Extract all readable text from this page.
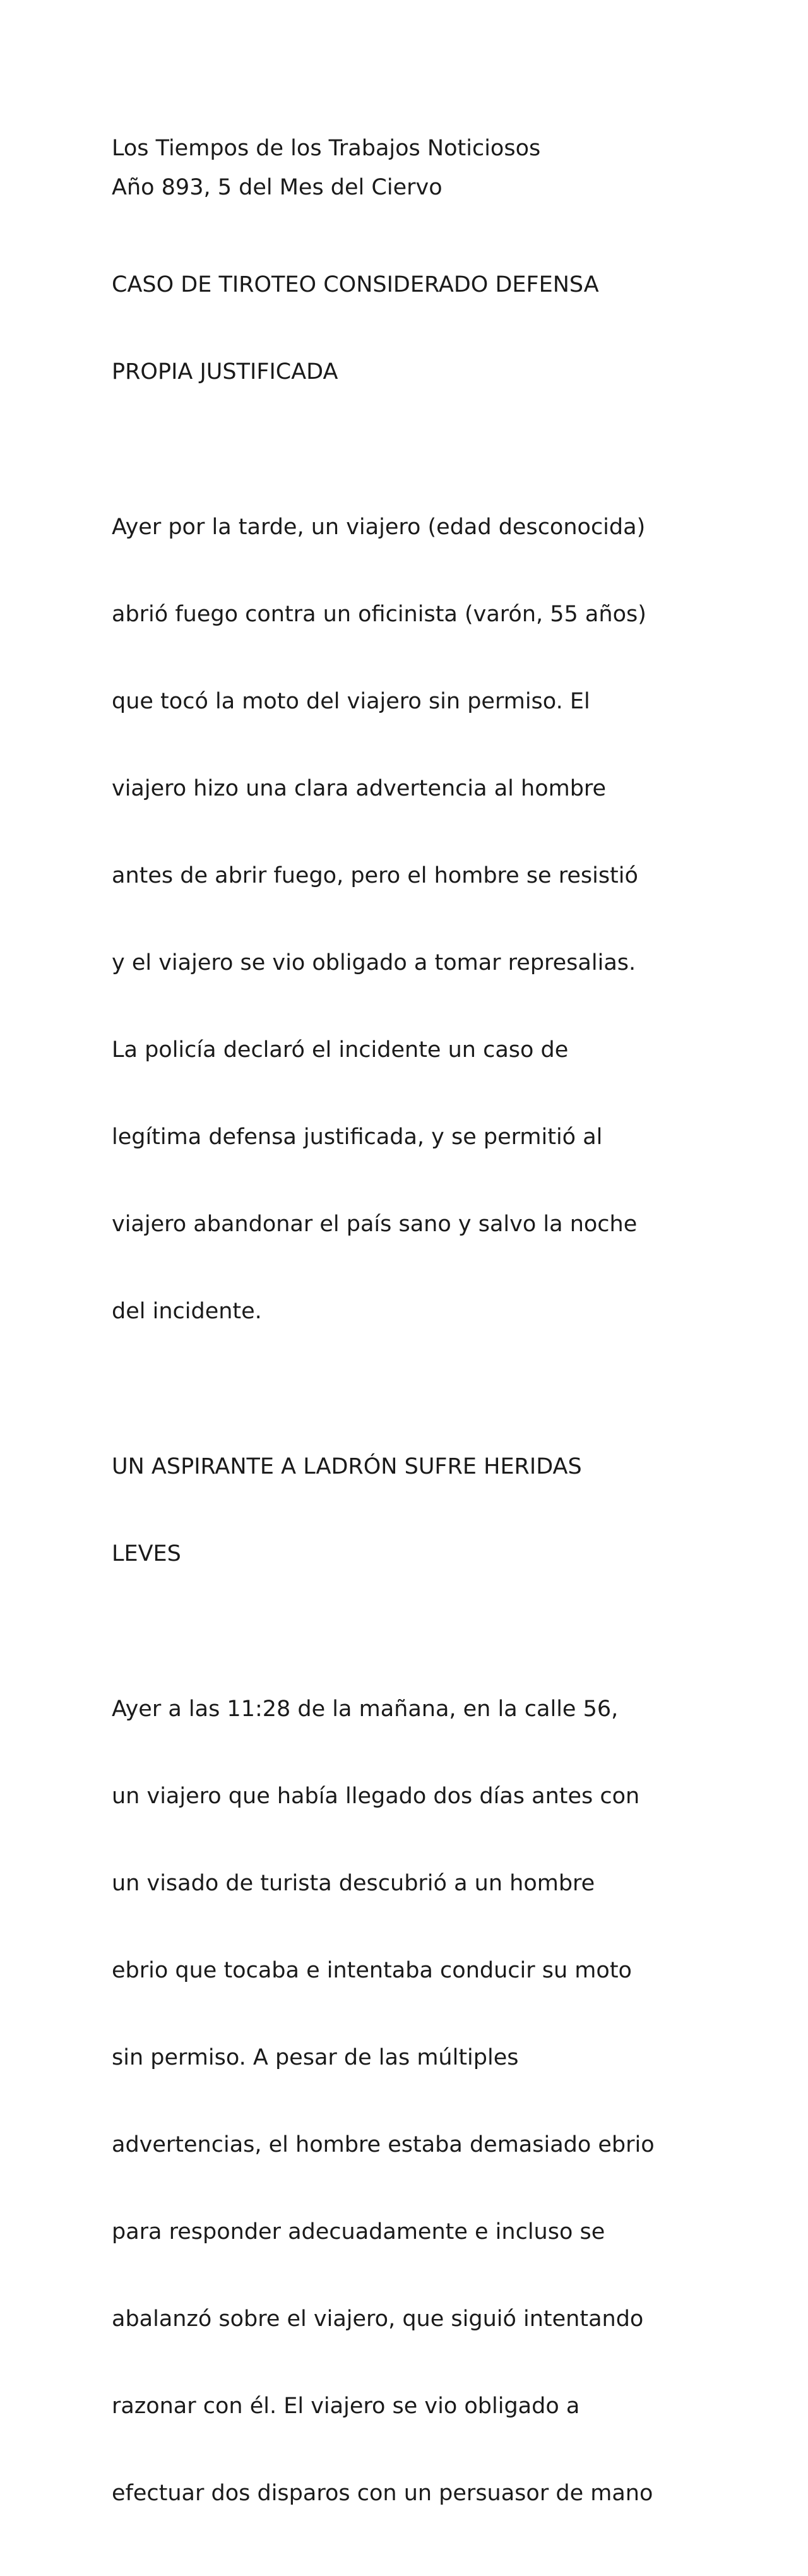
Los Tiempos de los Trabajos Noticiosos

Año 893, 5 del Mes del Ciervo

CASO DE TIROTEO CONSIDERADO DEFENSA

PROPIA JUSTIFICADA

Ayer por la tarde, un viajero (edad desconocida)

abrió fuego contra un oficinista (varón, 55 años)

que tocó la moto del viajero sin permiso. El

viajero hizo una clara advertencia al hombre

antes de abrir fuego, pero el hombre se resistió

y el viajero se vio obligado a tomar represalias.

La policía declaró el incidente un caso de

legítima defensa justificada, y se permitió al

viajero abandonar el país sano y salvo la noche

del incidente.

UN ASPIRANTE A LADRÓN SUFRE HERIDAS

LEVES

Ayer a las 11:28 de la mañana, en la calle 56,

un viajero que había llegado dos días antes con

un visado de turista descubrió a un hombre

ebrio que tocaba e intentaba conducir su moto

sin permiso. A pesar de las múltiples

advertencias, el hombre estaba demasiado ebrio

para responder adecuadamente e incluso se

abalanzó sobre el viajero, que siguió intentando

razonar con él. El viajero se vio obligado a

efectuar dos disparos con un persuasor de mano
